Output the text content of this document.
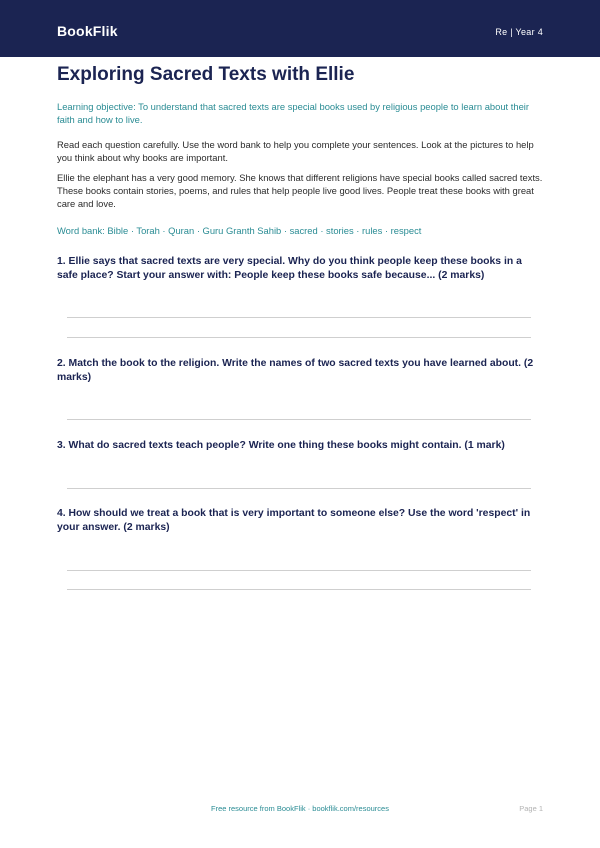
BookFlik	Re | Year 4
Exploring Sacred Texts with Ellie

Learning objective: To understand that sacred texts are special books used by religious people to learn about their faith and how to live.

Read each question carefully. Use the word bank to help you complete your sentences. Look at the pictures to help you think about why books are important.

Ellie the elephant has a very good memory. She knows that different religions have special books called sacred texts. These books contain stories, poems, and rules that help people live good lives. People treat these books with great care and love.

Word bank: Bible · Torah · Quran · Guru Granth Sahib · sacred · stories · rules · respect

1. Ellie says that sacred texts are very special. Why do you think people keep these books in a safe place? Start your answer with: People keep these books safe because... (2 marks)

2. Match the book to the religion. Write the names of two sacred texts you have learned about. (2 marks)

3. What do sacred texts teach people? Write one thing these books might contain. (1 mark)

4. How should we treat a book that is very important to someone else? Use the word 'respect' in your answer. (2 marks)

Free resource from BookFlik · bookflik.com/resources	Page 1
